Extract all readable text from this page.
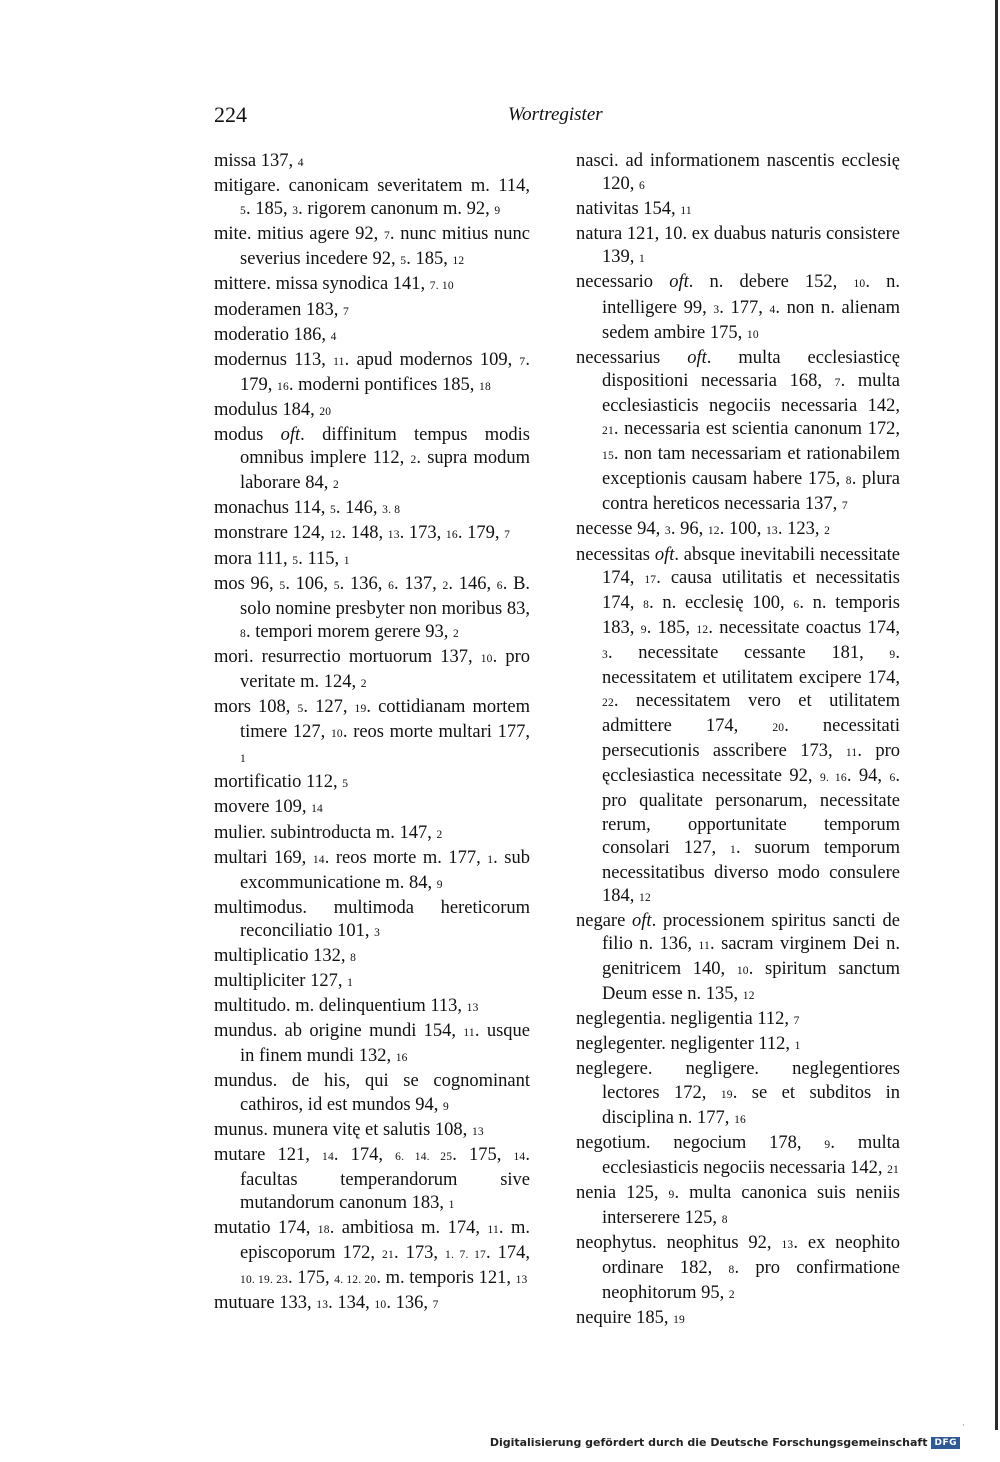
224	Wortregister
missa 137, 4
mitigare. canonicam severitatem m. 114, 5. 185, 3. rigorem canonum m. 92, 9
mite. mitius agere 92, 7. nunc mitius nunc severius incedere 92, 5. 185, 12
mittere. missa synodica 141, 7. 10
moderamen 183, 7
moderatio 186, 4
modernus 113, 11. apud modernos 109, 7. 179, 16. moderni pontifices 185, 18
modulus 184, 20
modus oft. diffinitum tempus modis omnibus implere 112, 2. supra modum laborare 84, 2
monachus 114, 5. 146, 3. 8
monstrare 124, 12. 148, 13. 173, 16. 179, 7
mora 111, 5. 115, 1
mos 96, 5. 106, 5. 136, 6. 137, 2. 146, 6. B. solo nomine presbyter non moribus 83, 8. tempori morem gerere 93, 2
mori. resurrectio mortuorum 137, 10. pro veritate m. 124, 2
mors 108, 5. 127, 19. cottidianam mortem timere 127, 10. reos morte multari 177, 1
mortificatio 112, 5
movere 109, 14
mulier. subintroducta m. 147, 2
multari 169, 14. reos morte m. 177, 1. sub excommunicatione m. 84, 9
multimodus. multimoda hereticorum reconciliatio 101, 3
multiplicatio 132, 8
multipliciter 127, 1
multitudo. m. delinquentium 113, 13
mundus. ab origine mundi 154, 11. usque in finem mundi 132, 16
mundus. de his, qui se cognominant cathiros, id est mundos 94, 9
munus. munera vitę et salutis 108, 13
mutare 121, 14. 174, 6. 14. 25. 175, 14. facultas temperandorum sive mutandorum canonum 183, 1
mutatio 174, 18. ambitiosa m. 174, 11. m. episcoporum 172, 21. 173, 1. 7. 17. 174, 10. 19. 23. 175, 4. 12. 20. m. temporis 121, 13
mutuare 133, 13. 134, 10. 136, 7
nasci. ad informationem nascentis ecclesię 120, 6
nativitas 154, 11
natura 121, 10. ex duabus naturis consistere 139, 1
necessario oft. n. debere 152, 10. n. intelligere 99, 3. 177, 4. non n. alienam sedem ambire 175, 10
necessarius oft. multa ecclesiasticę dispositioni necessaria 168, 7. multa ecclesiasticis negociis necessaria 142, 21. necessaria est scientia canonum 172, 15. non tam necessariam et rationabilem exceptionis causam habere 175, 8. plura contra hereticos necessaria 137, 7
necesse 94, 3. 96, 12. 100, 13. 123, 2
necessitas oft. absque inevitabili necessitate 174, 17. causa utilitatis et necessitatis 174, 8. n. ecclesię 100, 6. n. temporis 183, 9. 185, 12. necessitate coactus 174, 3. necessitate cessante 181, 9. necessitatem et utilitatem excipere 174, 22. necessitatem vero et utilitatem admittere 174, 20. necessitati persecutionis asscribere 173, 11. pro ęcclesiastica necessitate 92, 9. 16. 94, 6. pro qualitate personarum, necessitate rerum, opportunitate temporum consolari 127, 1. suorum temporum necessitatibus diverso modo consulere 184, 12
negare oft. processionem spiritus sancti de filio n. 136, 11. sacram virginem Dei n. genitricem 140, 10. spiritum sanctum Deum esse n. 135, 12
neglegentia. negligentia 112, 7
neglegenter. negligenter 112, 1
neglegere. negligere. neglegentiores lectores 172, 19. se et subditos in disciplina n. 177, 16
negotium. negocium 178, 9. multa ecclesiasticis negociis necessaria 142, 21
nenia 125, 9. multa canonica suis neniis interserere 125, 8
neophytus. neophitus 92, 13. ex neophito ordinare 182, 8. pro confirmatione neophitorum 95, 2
nequire 185, 19
·
Digitalisierung gefördert durch die Deutsche Forschungsgemeinschaft DFG
